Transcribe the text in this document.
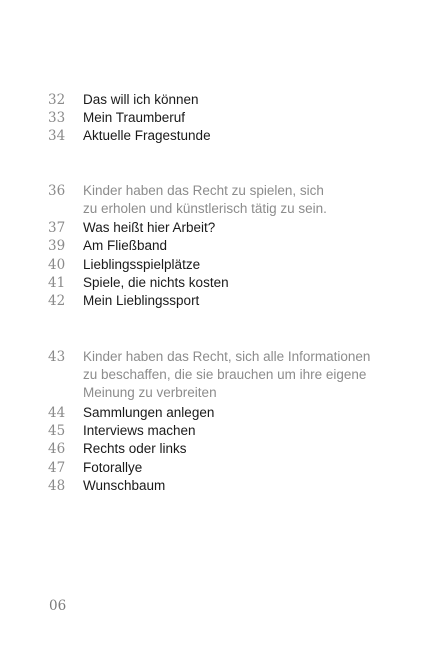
32	Das will ich können
33	Mein Traumberuf
34	Aktuelle Fragestunde
36	Kinder haben das Recht zu spielen, sich
zu erholen und künstlerisch tätig zu sein.
37	Was heißt hier Arbeit?
39	Am Fließband
40	Lieblingsspielplätze
41	Spiele, die nichts kosten
42	Mein Lieblingssport
43	Kinder haben das Recht, sich alle Informationen
zu beschaffen, die sie brauchen um ihre eigene
Meinung zu verbreiten
44	Sammlungen anlegen
45	Interviews machen
46	Rechts oder links
47	Fotorallye
48	Wunschbaum
06
